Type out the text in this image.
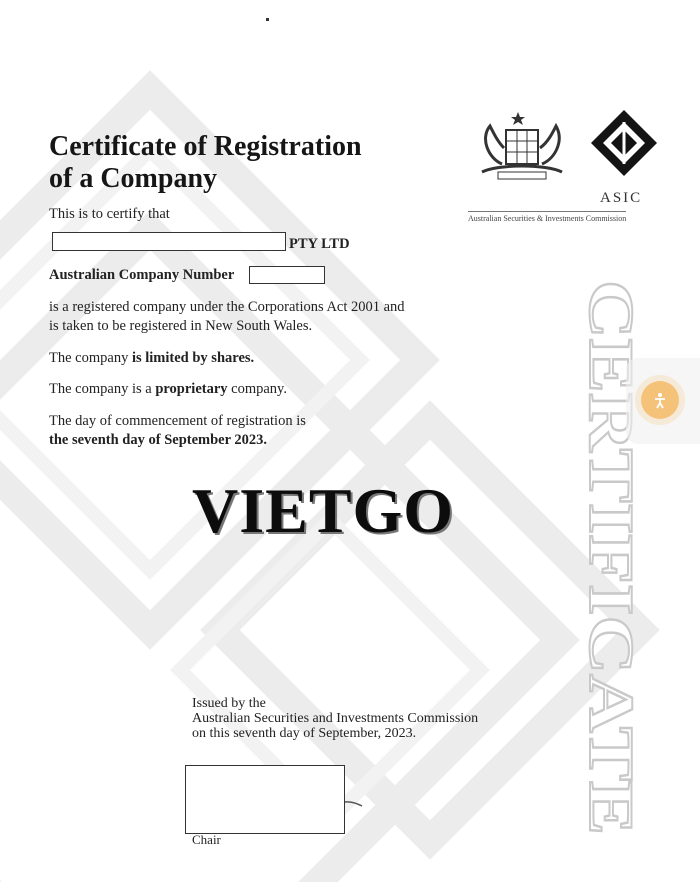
ASIC
Australian Securities & Investments Commission
Certificate of Registration
of a Company
This is to certify that
PTY LTD
Australian Company Number
is a registered company under the Corporations Act 2001 and
is taken to be registered in New South Wales.
The company is limited by shares.
The company is a proprietary company.
The day of commencement of registration is
the seventh day of September 2023.
VIETGO CERTIFICATE
Issued by the
Australian Securities and Investments Commission
on this seventh day of September, 2023.
Chair
